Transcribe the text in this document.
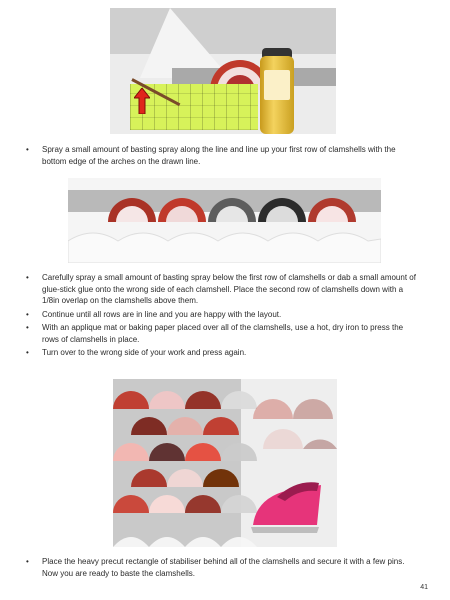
• Spray a small amount of basting spray along the line and line up your first row of clamshells with the bottom edge of the arches on the drawn line.
• Carefully spray a small amount of basting spray below the first row of clamshells or dab a small amount of glue-stick glue onto the wrong side of each clamshell. Place the second row of clamshells down with a 1/8in overlap on the clamshells above them.
• Continue until all rows are in line and you are happy with the layout.
• With an applique mat or baking paper placed over all of the clamshells, use a hot, dry iron to press the rows of clamshells in place.
• Turn over to the wrong side of your work and press again.
• Place the heavy precut rectangle of stabiliser behind all of the clamshells and secure it with a few pins. Now you are ready to baste the clamshells.
41
